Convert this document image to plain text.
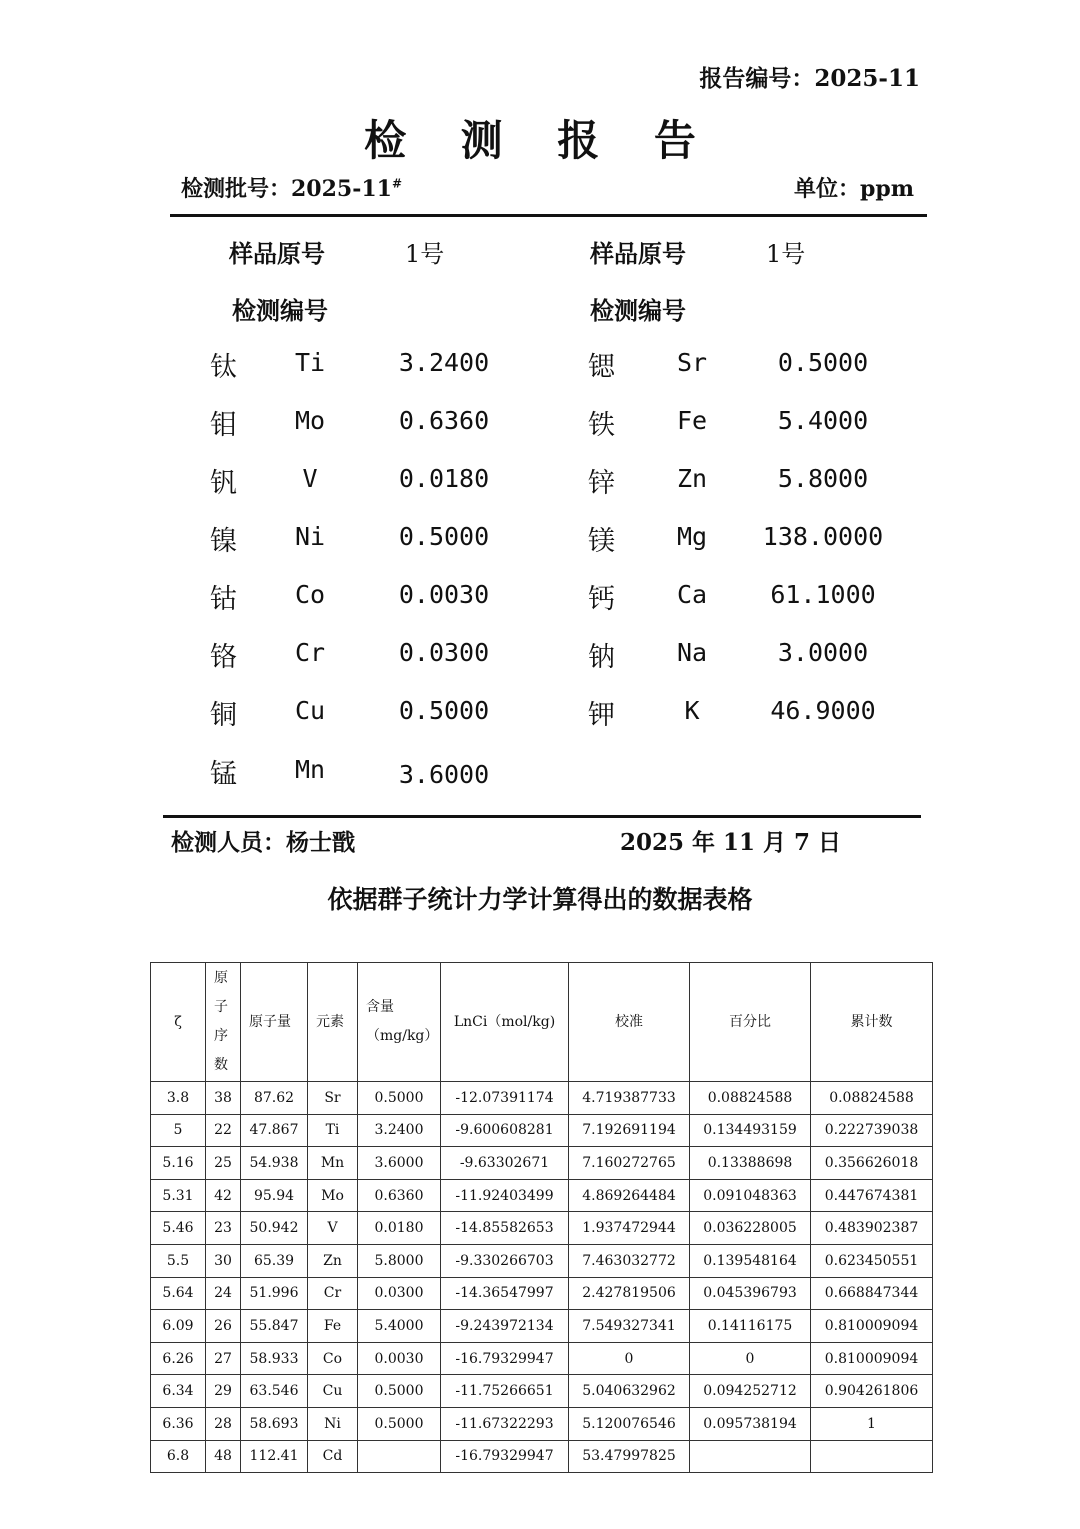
报告编号：2025-11
检 测 报 告
检测批号：2025-11#	单位：ppm
样品原号	1号	样品原号	1号
检测编号	检测编号
钛 Ti	3.2400
钼 Mo	0.6360
钒	V	0.0180
镍 Ni	0.5000
钴 Co	0.0030
铬 Cr	0.0300
铜 Cu	0.5000
锰 Mn	3.6000
锶 Sr	0.5000
铁 Fe	5.4000
锌 Zn	5.8000
镁 Mg	138.0000
钙 Ca	61.1000
钠 Na	3.0000
钾	K	46.9000
检测人员：杨士戬	2025 年 11 月 7 日
依据群子统计力学计算得出的数据表格
ζ	原子序数	原子量	元素	含量（mg/kg）	LnCi（mol/kg)	校准	百分比	累计数
3.8	38	87.62	Sr	0.5000	-12.07391174	4.719387733	0.08824588	0.08824588
5	22	47.867	Ti	3.2400	-9.600608281	7.192691194	0.134493159	0.222739038
5.16	25	54.938	Mn	3.6000	-9.63302671	7.160272765	0.13388698	0.356626018
5.31	42	95.94	Mo	0.6360	-11.92403499	4.869264484	0.091048363	0.447674381
5.46	23	50.942	V	0.0180	-14.85582653	1.937472944	0.036228005	0.483902387
5.5	30	65.39	Zn	5.8000	-9.330266703	7.463032772	0.139548164	0.623450551
5.64	24	51.996	Cr	0.0300	-14.36547997	2.427819506	0.045396793	0.668847344
6.09	26	55.847	Fe	5.4000	-9.243972134	7.549327341	0.14116175	0.810009094
6.26	27	58.933	Co	0.0030	-16.79329947	0	0	0.810009094
6.34	29	63.546	Cu	0.5000	-11.75266651	5.040632962	0.094252712	0.904261806
6.36	28	58.693	Ni	0.5000	-11.67322293	5.120076546	0.095738194	1
6.8	48	112.41	Cd		-16.79329947	53.47997825		
